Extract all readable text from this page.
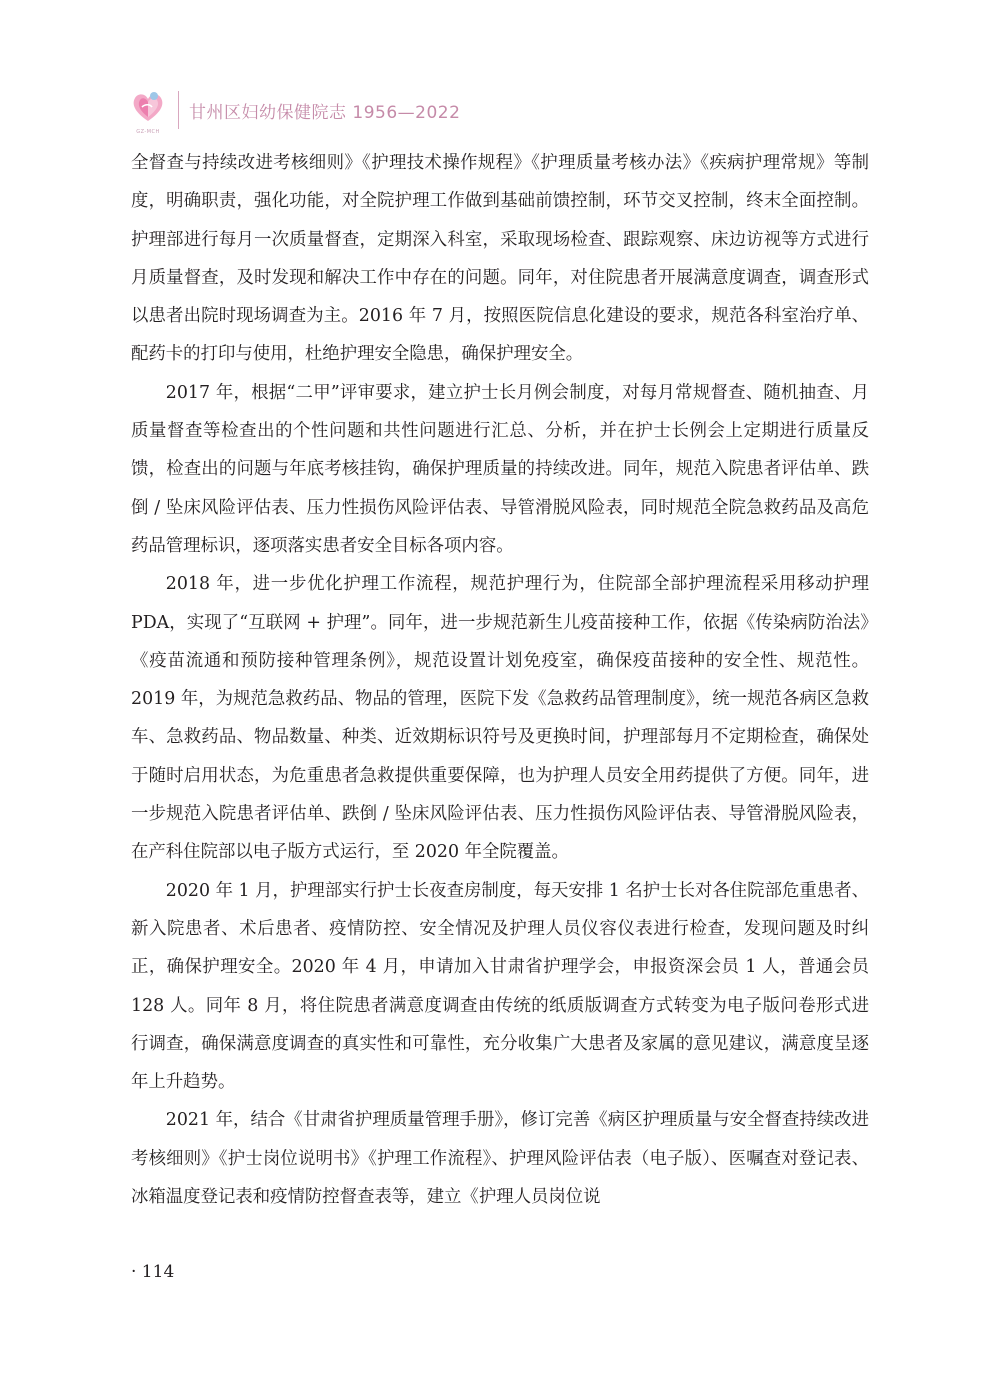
GZ-MCH
甘州区妇幼保健院志 1956—2022

全督查与持续改进考核细则》《护理技术操作规程》《护理质量考核办法》《疾病护理常规》等制度，明确职责，强化功能，对全院护理工作做到基础前馈控制，环节交叉控制，终末全面控制。护理部进行每月一次质量督查，定期深入科室，采取现场检查、跟踪观察、床边访视等方式进行月质量督查，及时发现和解决工作中存在的问题。同年，对住院患者开展满意度调查，调查形式以患者出院时现场调查为主。2016 年 7 月，按照医院信息化建设的要求，规范各科室治疗单、配药卡的打印与使用，杜绝护理安全隐患，确保护理安全。

2017 年，根据“二甲”评审要求，建立护士长月例会制度，对每月常规督查、随机抽查、月质量督查等检查出的个性问题和共性问题进行汇总、分析，并在护士长例会上定期进行质量反馈，检查出的问题与年底考核挂钩，确保护理质量的持续改进。同年，规范入院患者评估单、跌倒 / 坠床风险评估表、压力性损伤风险评估表、导管滑脱风险表，同时规范全院急救药品及高危药品管理标识，逐项落实患者安全目标各项内容。

2018 年，进一步优化护理工作流程，规范护理行为，住院部全部护理流程采用移动护理 PDA，实现了“互联网 + 护理”。同年，进一步规范新生儿疫苗接种工作，依据《传染病防治法》《疫苗流通和预防接种管理条例》，规范设置计划免疫室，确保疫苗接种的安全性、规范性。2019 年，为规范急救药品、物品的管理，医院下发《急救药品管理制度》，统一规范各病区急救车、急救药品、物品数量、种类、近效期标识符号及更换时间，护理部每月不定期检查，确保处于随时启用状态，为危重患者急救提供重要保障，也为护理人员安全用药提供了方便。同年，进一步规范入院患者评估单、跌倒 / 坠床风险评估表、压力性损伤风险评估表、导管滑脱风险表，在产科住院部以电子版方式运行，至 2020 年全院覆盖。

2020 年 1 月，护理部实行护士长夜查房制度，每天安排 1 名护士长对各住院部危重患者、新入院患者、术后患者、疫情防控、安全情况及护理人员仪容仪表进行检查，发现问题及时纠正，确保护理安全。2020 年 4 月，申请加入甘肃省护理学会，申报资深会员 1 人，普通会员 128 人。同年 8 月，将住院患者满意度调查由传统的纸质版调查方式转变为电子版问卷形式进行调查，确保满意度调查的真实性和可靠性，充分收集广大患者及家属的意见建议，满意度呈逐年上升趋势。

2021 年，结合《甘肃省护理质量管理手册》，修订完善《病区护理质量与安全督查持续改进考核细则》《护士岗位说明书》《护理工作流程》、护理风险评估表（电子版）、医嘱查对登记表、冰箱温度登记表和疫情防控督查表等，建立《护理人员岗位说

· 114
